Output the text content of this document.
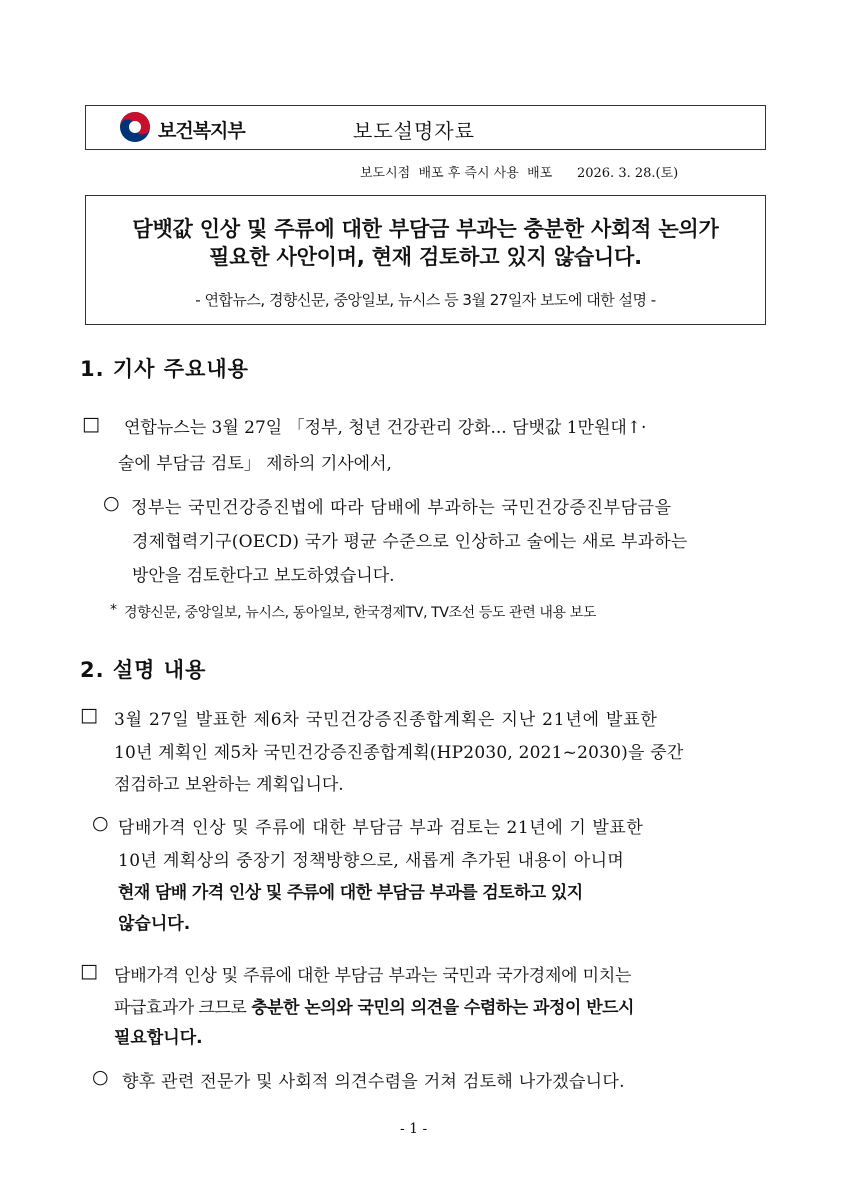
보건복지부	보도설명자료
보도시점  배포 후 즉시 사용  배포      2026. 3. 28.(토)
담뱃값 인상 및 주류에 대한 부담금 부과는 충분한 사회적 논의가
필요한 사안이며, 현재 검토하고 있지 않습니다.
- 연합뉴스, 경향신문, 중앙일보, 뉴시스 등 3월 27일자 보도에 대한 설명 -
1. 기사 주요내용
□ 연합뉴스는 3월 27일 「정부, 청년 건강관리 강화... 담뱃값 1만원대↑·
술에 부담금 검토」 제하의 기사에서,
○ 정부는 국민건강증진법에 따라 담배에 부과하는 국민건강증진부담금을
경제협력기구(OECD) 국가 평균 수준으로 인상하고 술에는 새로 부과하는
방안을 검토한다고 보도하였습니다.
* 경향신문, 중앙일보, 뉴시스, 동아일보, 한국경제TV, TV조선 등도 관련 내용 보도
2. 설명 내용
□ 3월 27일 발표한 제6차 국민건강증진종합계획은 지난 21년에 발표한
10년 계획인 제5차 국민건강증진종합계획(HP2030, 2021~2030)을 중간
점검하고 보완하는 계획입니다.
○ 담배가격 인상 및 주류에 대한 부담금 부과 검토는 21년에 기 발표한
10년 계획상의 중장기 정책방향으로, 새롭게 추가된 내용이 아니며
현재 담배 가격 인상 및 주류에 대한 부담금 부과를 검토하고 있지
않습니다.
□ 담배가격 인상 및 주류에 대한 부담금 부과는 국민과 국가경제에 미치는
파급효과가 크므로 충분한 논의와 국민의 의견을 수렴하는 과정이 반드시
필요합니다.
○ 향후 관련 전문가 및 사회적 의견수렴을 거쳐 검토해 나가겠습니다.
- 1 -
